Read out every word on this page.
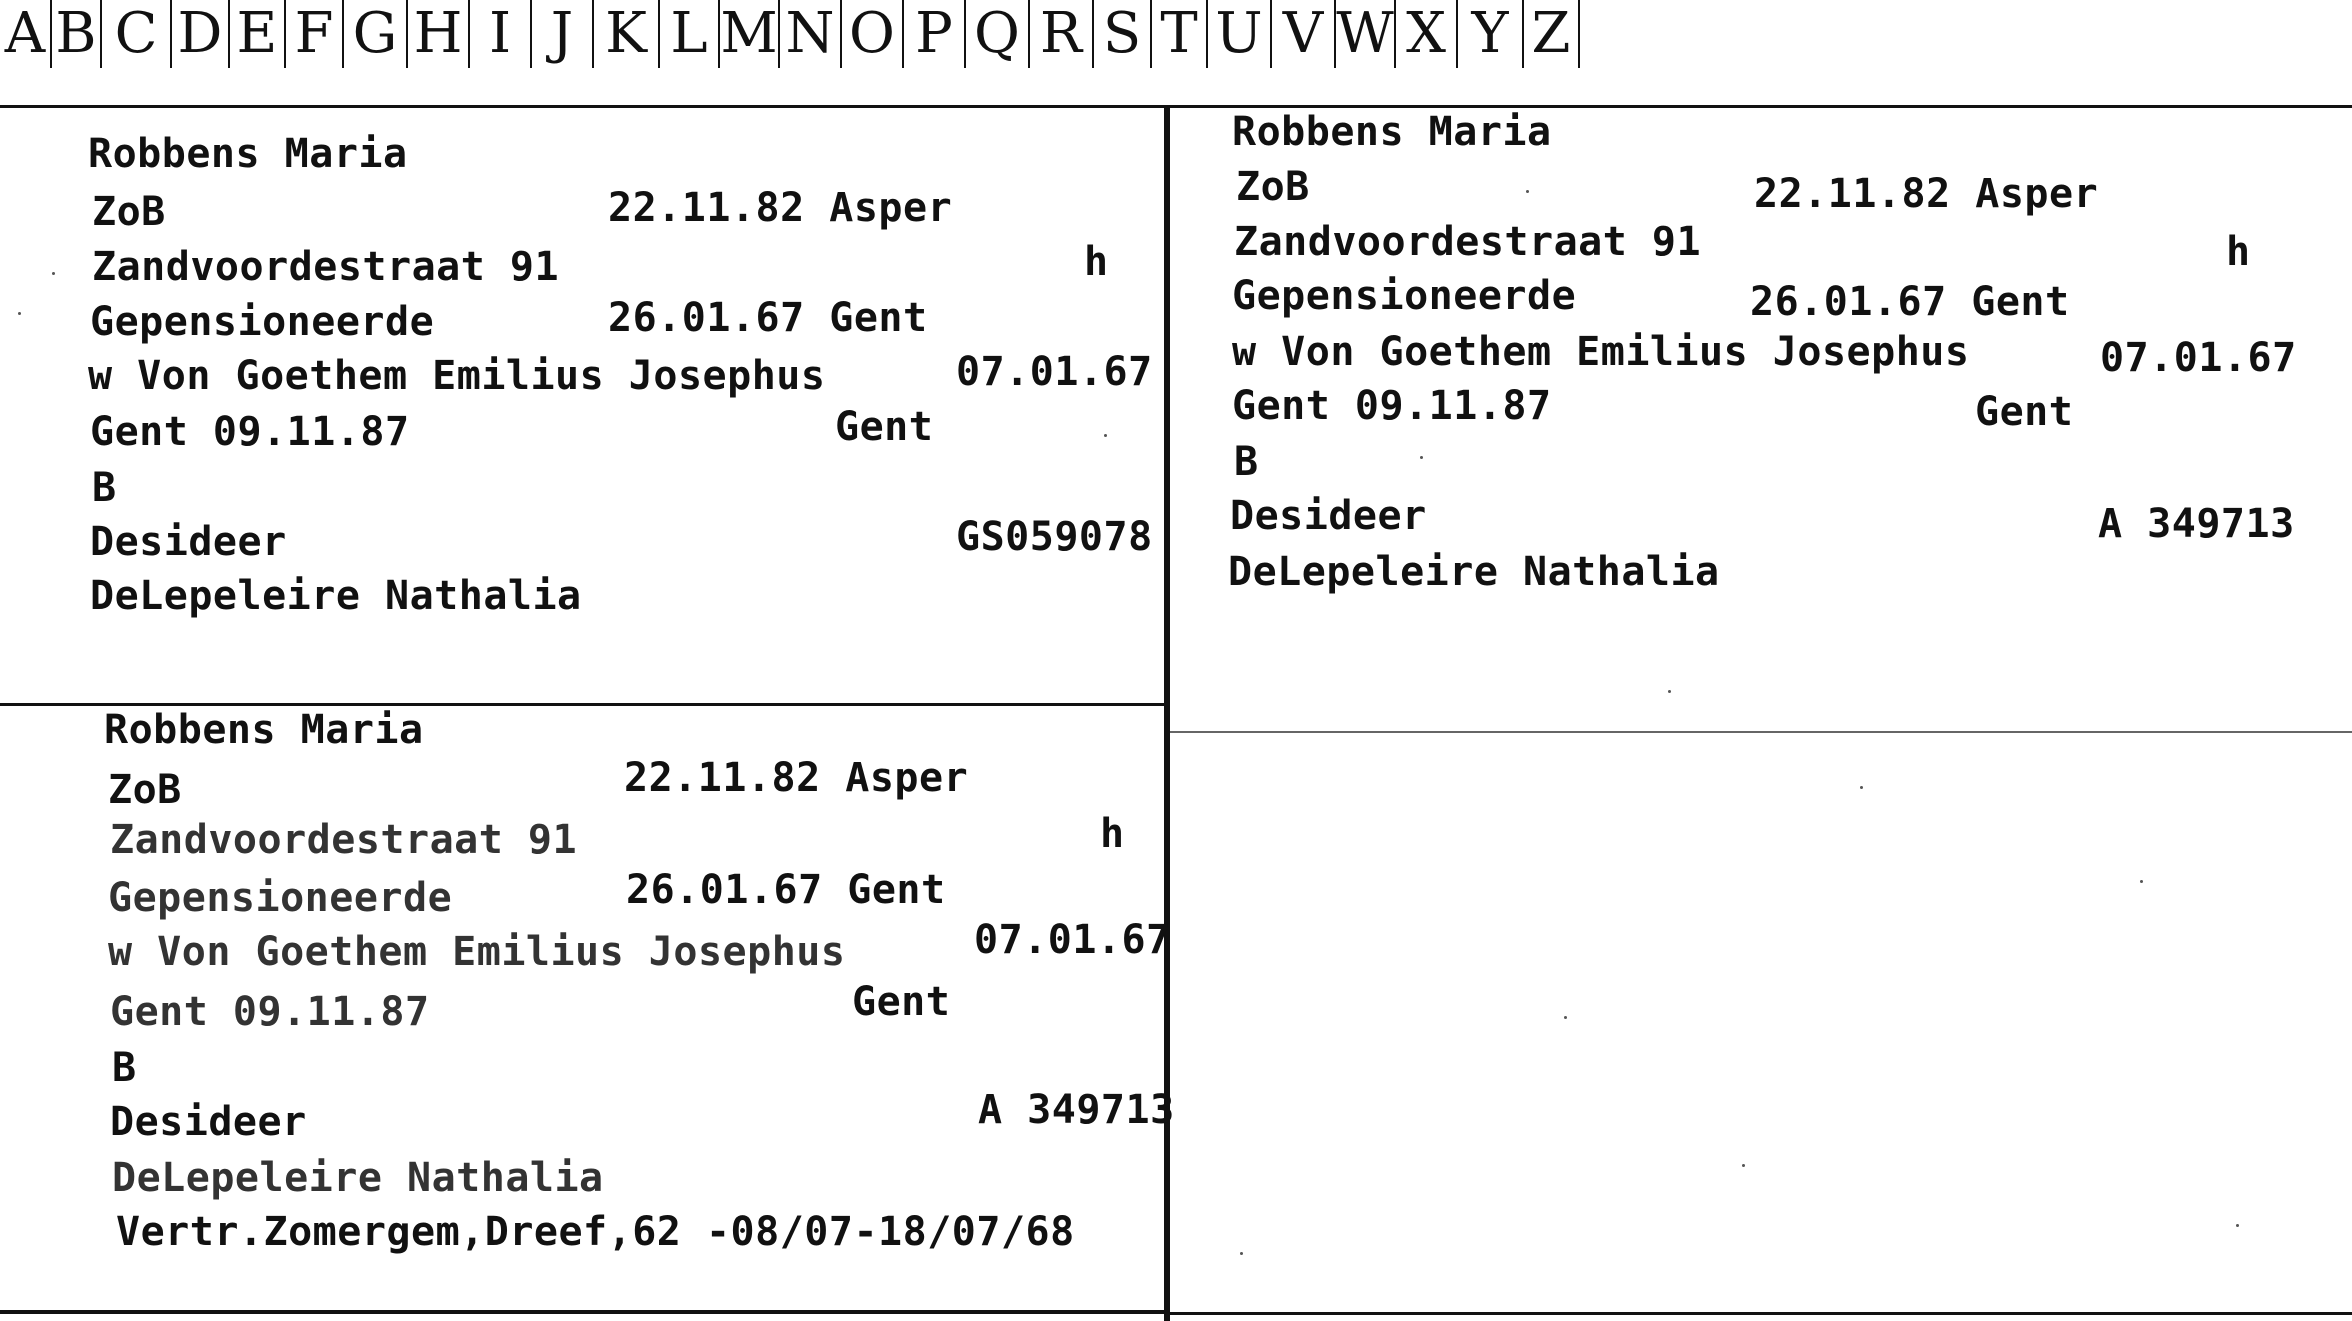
A B C D E F G H I J K L M N O P Q R S T U V W X Y Z
Robbens Maria
ZoB	22.11.82 Asper
Zandvoordestraat 91	h
Gepensioneerde	26.01.67 Gent
w Von Goethem Emilius Josephus	07.01.67
Gent 09.11.87	Gent
B
Desideer	GS059078
DeLepeleire Nathalia
Robbens Maria
ZoB	22.11.82 Asper
Zandvoordestraat 91	h
Gepensioneerde	26.01.67 Gent
w Von Goethem Emilius Josephus	07.01.67
Gent 09.11.87	Gent
B
Desideer	A 349713
DeLepeleire Nathalia
Robbens Maria
ZoB	22.11.82 Asper
Zandvoordestraat 91	h
Gepensioneerde	26.01.67 Gent
w Von Goethem Emilius Josephus	07.01.67
Gent 09.11.87	Gent
B
Desideer	A 349713
DeLepeleire Nathalia
Vertr.Zomergem,Dreef,62 -08/07-18/07/68
